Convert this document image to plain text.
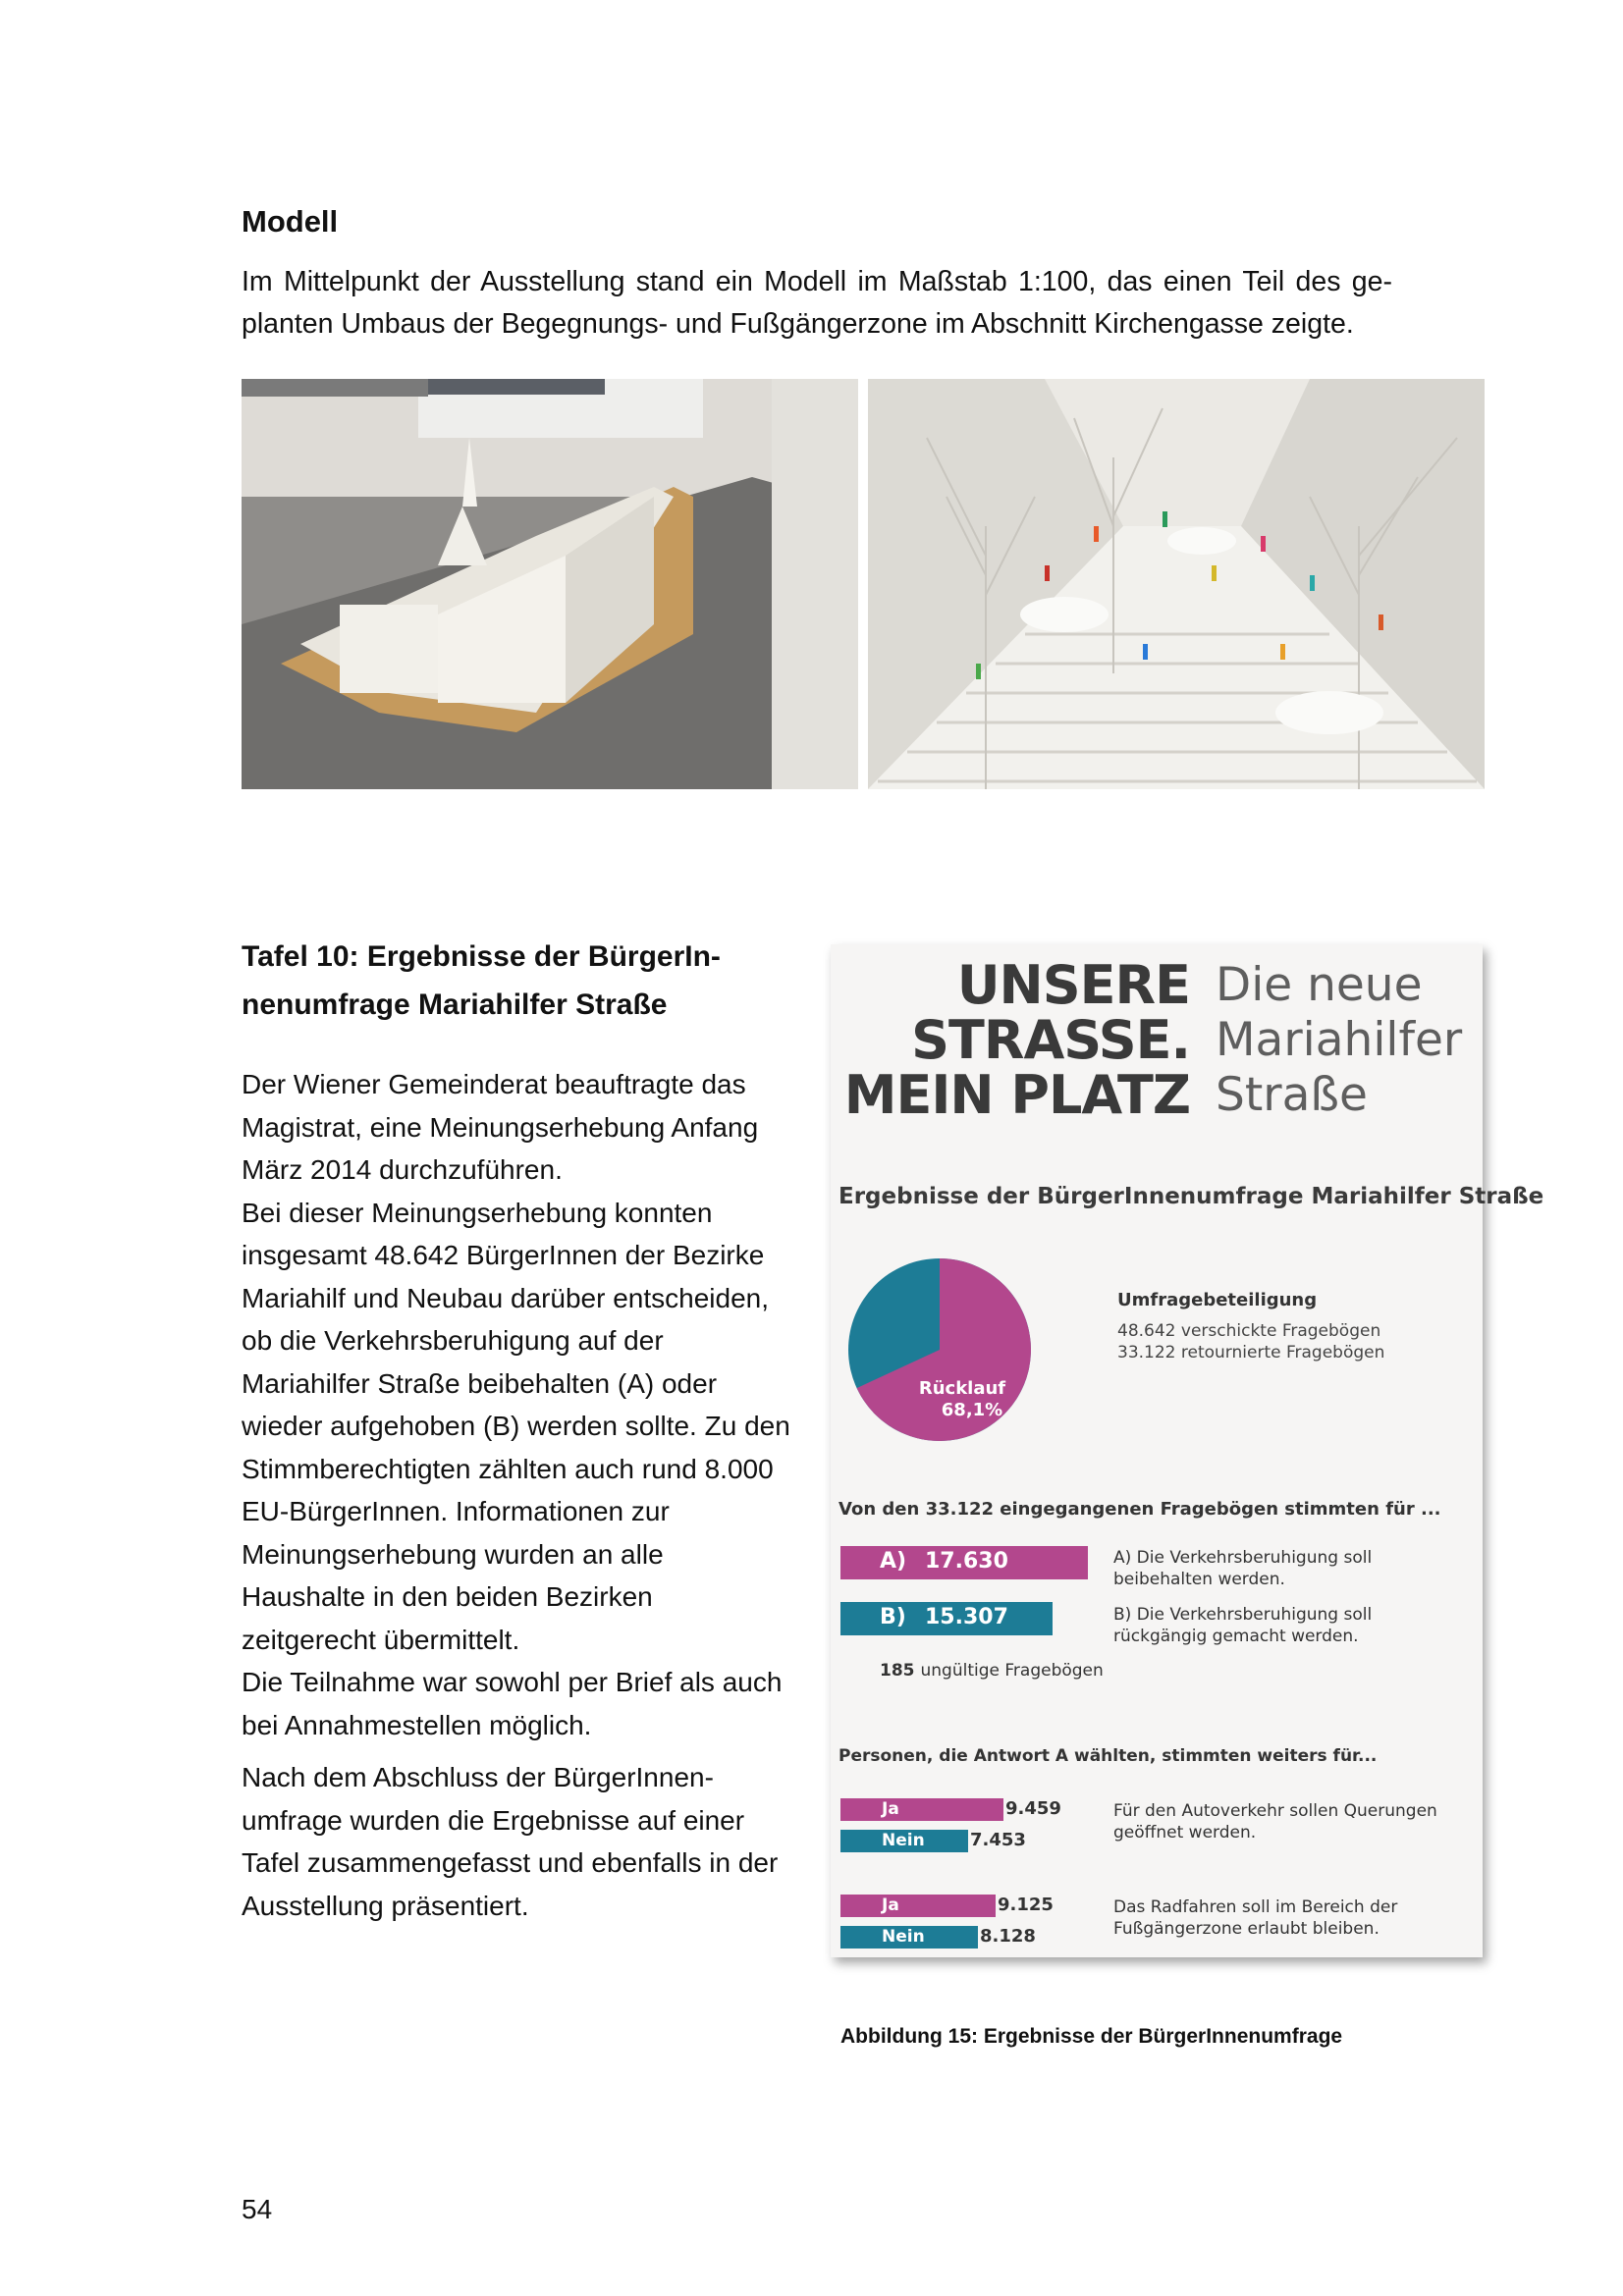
Modell
Im Mittelpunkt der Ausstellung stand ein Modell im Maßstab 1:100, das einen Teil des ge-planten Umbaus der Begegnungs- und Fußgängerzone im Abschnitt Kirchengasse zeigte.
Tafel 10: Ergebnisse der BürgerIn-
nenumfrage Mariahilfer Straße

Der Wiener Gemeinderat beauftragte das Magistrat, eine Meinungserhebung Anfang März 2014 durchzuführen.

Bei dieser Meinungserhebung konnten insgesamt 48.642 BürgerInnen der Bezirke Mariahilf und Neubau darüber entscheiden, ob die Verkehrsberuhigung auf der Mariahilfer Straße beibehalten (A) oder wieder aufgehoben (B) werden sollte. Zu den Stimmberechtigten zählten auch rund 8.000 EU-BürgerInnen. Informationen zur Meinungserhebung wurden an alle Haushalte in den beiden Bezirken zeitgerecht übermittelt.

Die Teilnahme war sowohl per Brief als auch bei Annahmestellen möglich.

Nach dem Abschluss der BürgerInnen-umfrage wurden die Ergebnisse auf einer Tafel zusammengefasst und ebenfalls in der Ausstellung präsentiert.

UNSERE
STRASSE.
MEIN PLATZ
Die neue
Mariahilfer
Straße
Ergebnisse der BürgerInnenumfrage Mariahilfer Straße
Rücklauf
68,1%
Umfragebeteiligung
48.642 verschickte Fragebögen
33.122 retournierte Fragebögen
Von den 33.122 eingegangenen Fragebögen stimmten für ...
A) 17.630	A) Die Verkehrsberuhigung soll beibehalten werden.
B) 15.307	B) Die Verkehrsberuhigung soll rückgängig gemacht werden.
185 ungültige Fragebögen
Personen, die Antwort A wählten, stimmten weiters für...
Ja	9.459
Nein	7.453
Für den Autoverkehr sollen Querungen geöffnet werden.
Ja	9.125
Nein	8.128
Das Radfahren soll im Bereich der Fußgängerzone erlaubt bleiben.
Abbildung 15: Ergebnisse der BürgerInnenumfrage
54
